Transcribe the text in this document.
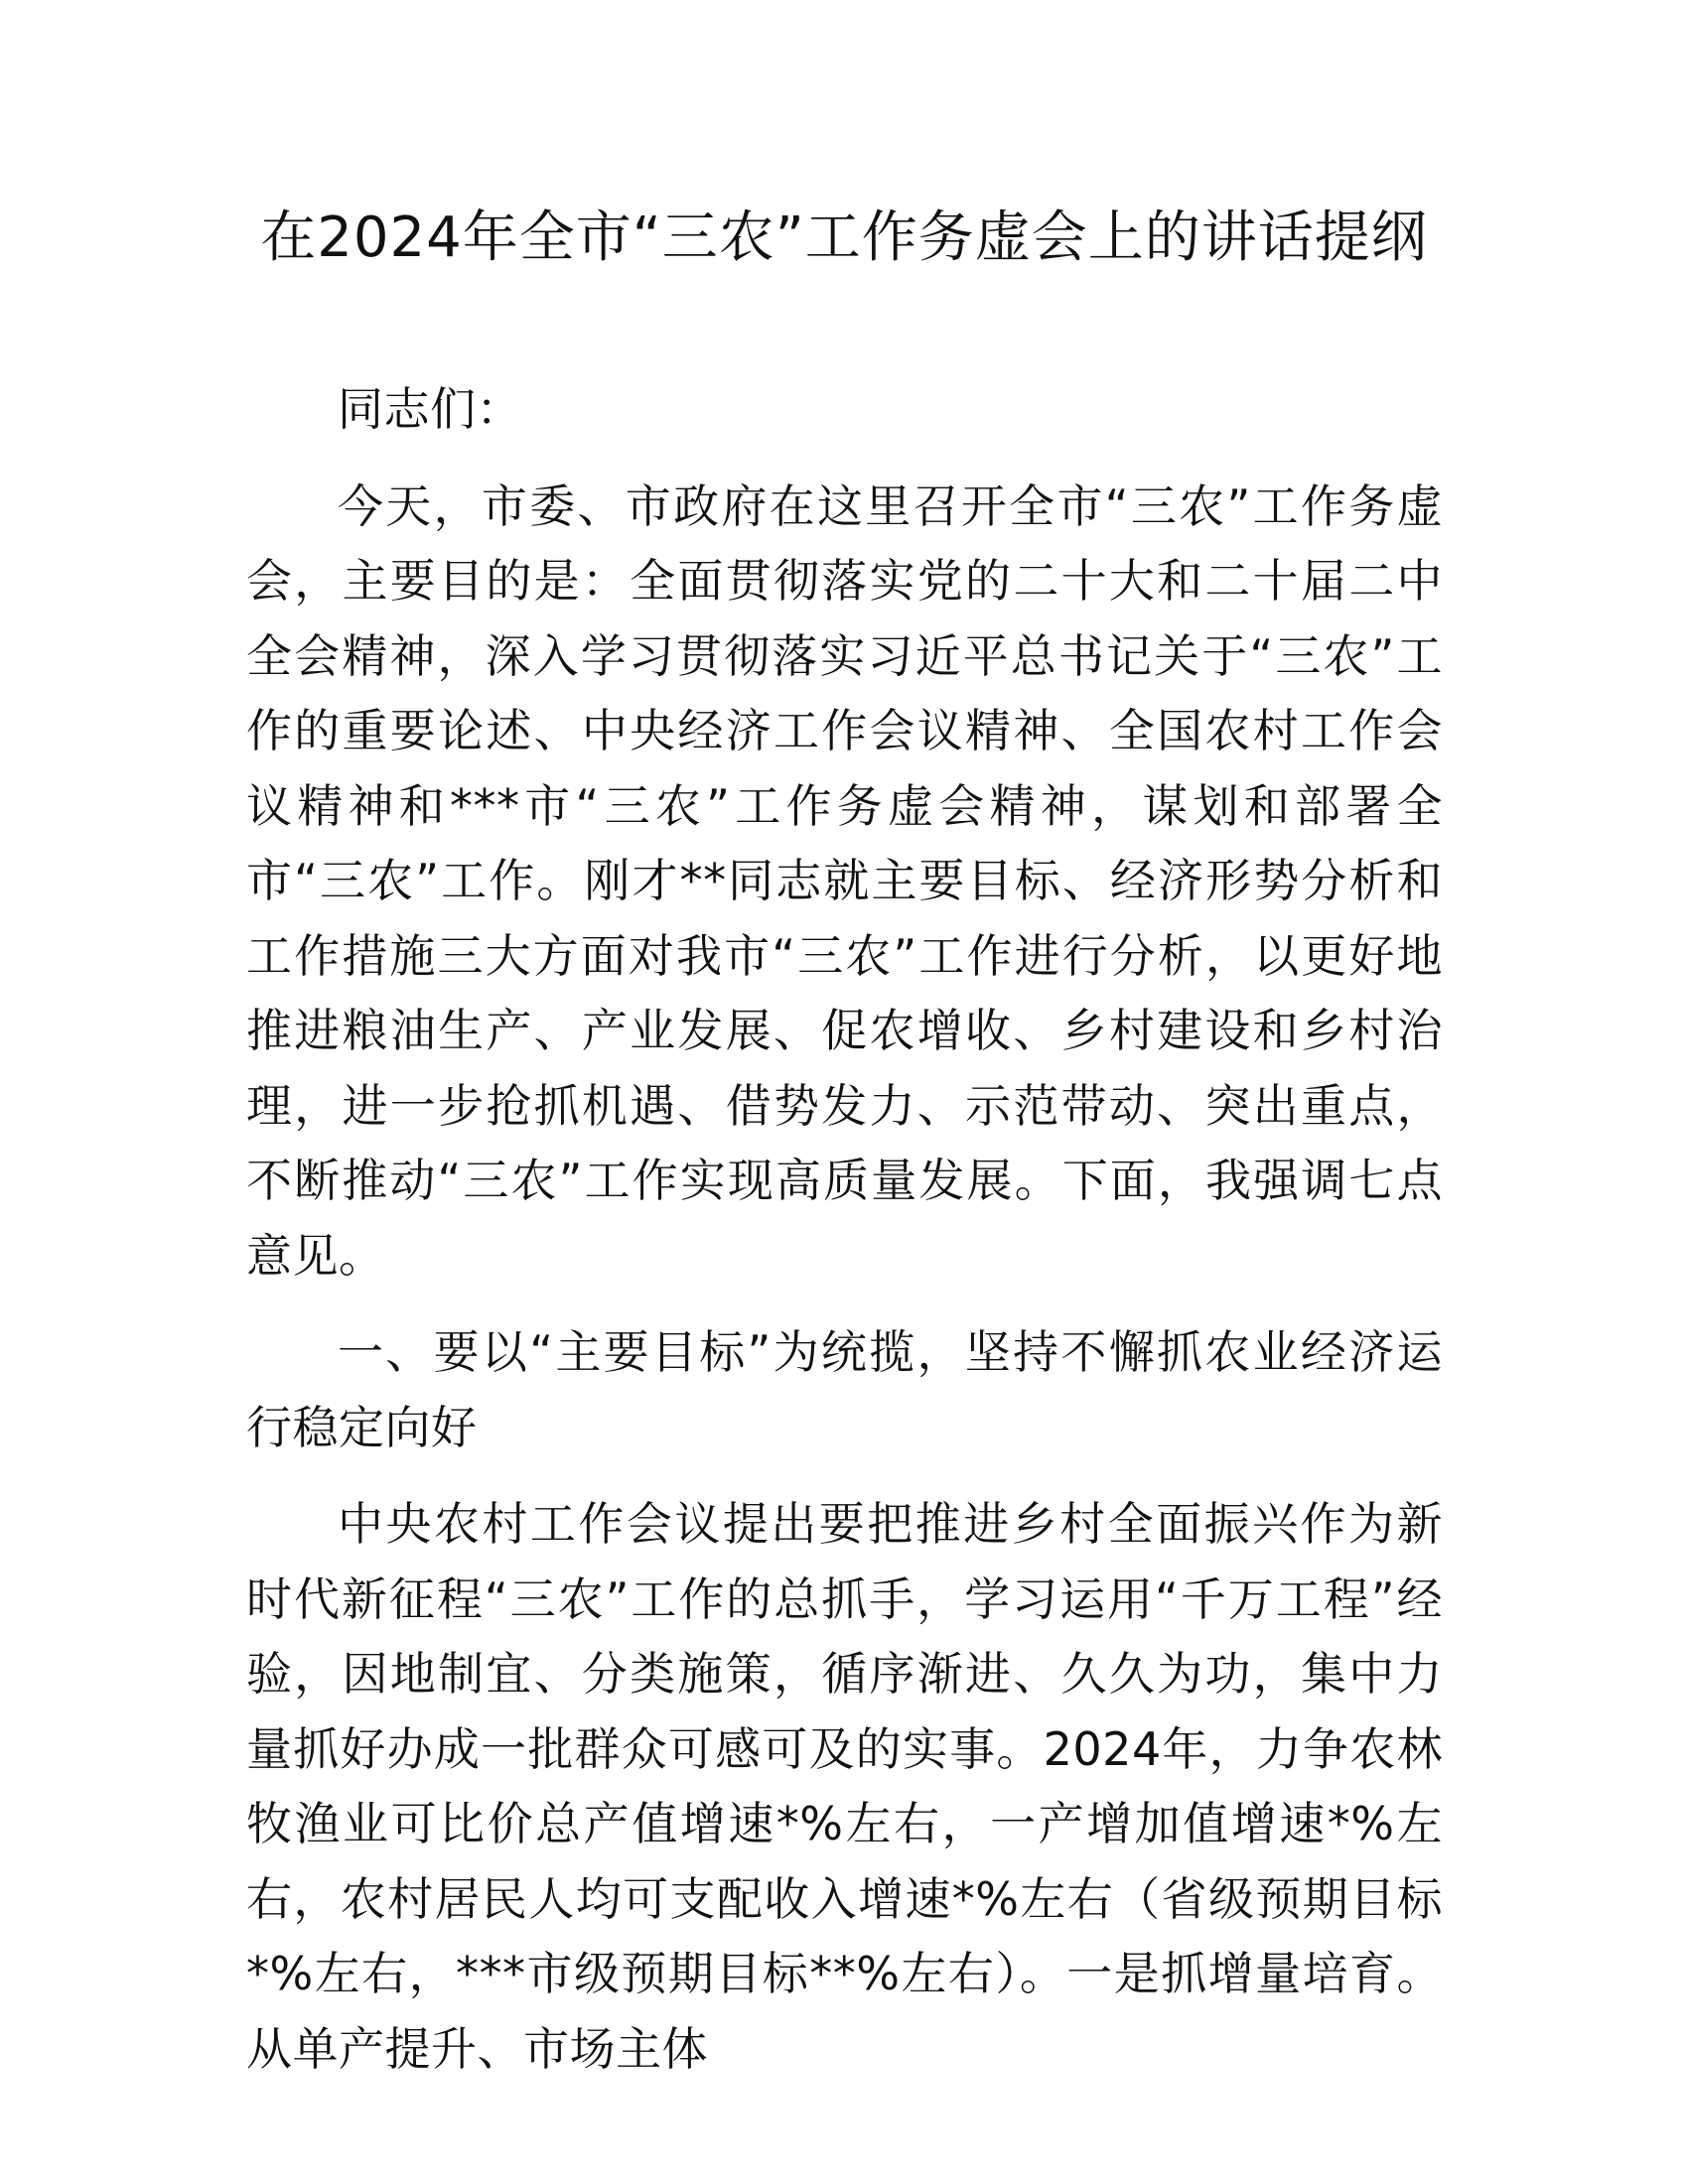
在2024年全市“三农”工作务虚会上的讲话提纲

同志们：

今天，市委、市政府在这里召开全市“三农”工作务虚会，主要目的是：全面贯彻落实党的二十大和二十届二中全会精神，深入学习贯彻落实习近平总书记关于“三农”工作的重要论述、中央经济工作会议精神、全国农村工作会议精神和***市“三农”工作务虚会精神，谋划和部署全市“三农”工作。刚才**同志就主要目标、经济形势分析和工作措施三大方面对我市“三农”工作进行分析，以更好地推进粮油生产、产业发展、促农增收、乡村建设和乡村治理，进一步抢抓机遇、借势发力、示范带动、突出重点，不断推动“三农”工作实现高质量发展。下面，我强调七点意见。

一、要以“主要目标”为统揽，坚持不懈抓农业经济运行稳定向好

中央农村工作会议提出要把推进乡村全面振兴作为新时代新征程“三农”工作的总抓手，学习运用“千万工程”经验，因地制宜、分类施策，循序渐进、久久为功，集中力量抓好办成一批群众可感可及的实事。2024年，力争农林牧渔业可比价总产值增速*%左右，一产增加值增速*%左右，农村居民人均可支配收入增速*%左右（省级预期目标*%左右，***市级预期目标**%左右）。一是抓增量培育。从单产提升、市场主体
